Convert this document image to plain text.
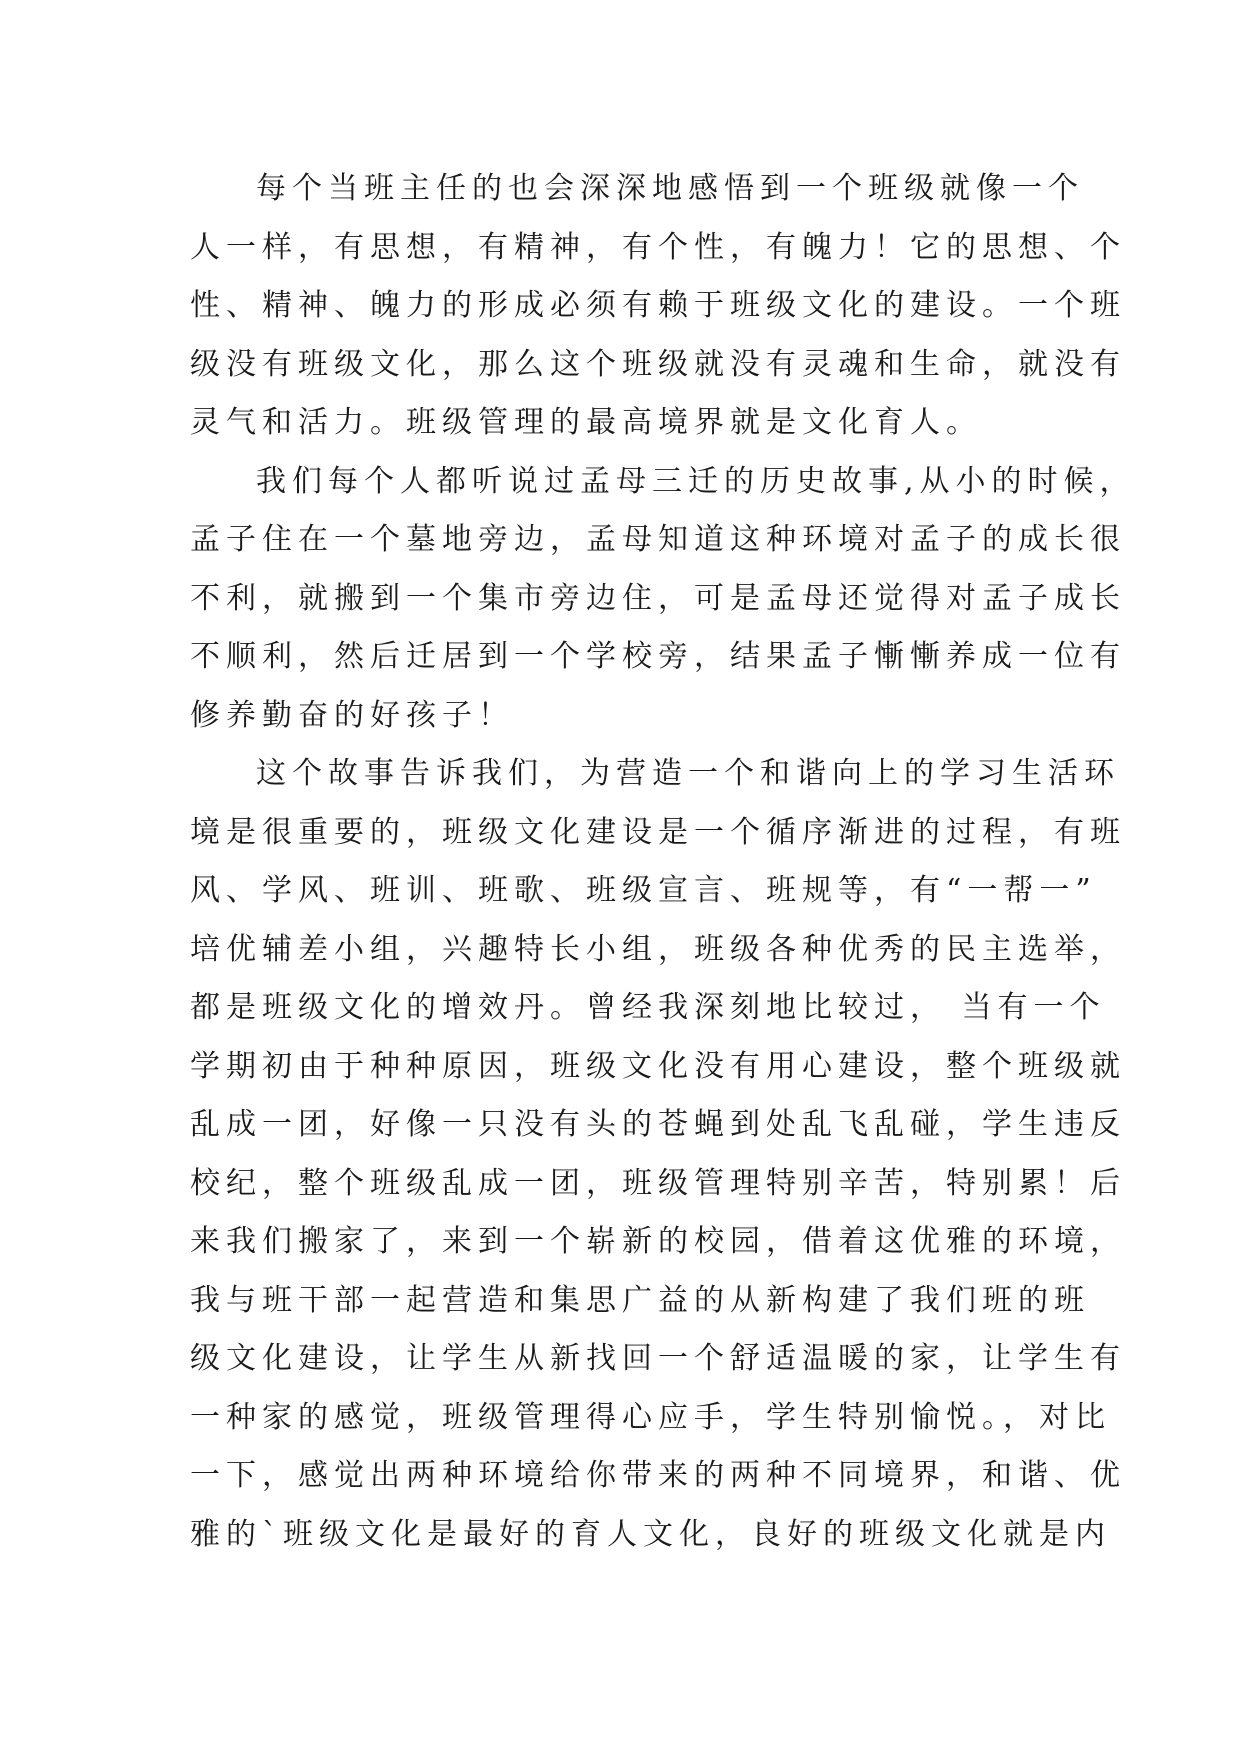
每个当班主任的也会深深地感悟到一个班级就像一个
人一样，有思想，有精神，有个性，有魄力！它的思想、个
性、精神、魄力的形成必须有赖于班级文化的建设。一个班
级没有班级文化，那么这个班级就没有灵魂和生命，就没有
灵气和活力。班级管理的最高境界就是文化育人。
我们每个人都听说过孟母三迁的历史故事,从小的时候，
孟子住在一个墓地旁边，孟母知道这种环境对孟子的成长很
不利，就搬到一个集市旁边住，可是孟母还觉得对孟子成长
不顺利，然后迁居到一个学校旁，结果孟子慚慚养成一位有
修养勤奋的好孩子！
这个故事告诉我们，为营造一个和谐向上的学习生活环
境是很重要的，班级文化建设是一个循序渐进的过程，有班
风、学风、班训、班歌、班级宣言、班规等，有“一帮一”
培优辅差小组，兴趣特长小组，班级各种优秀的民主选举，
都是班级文化的增效丹。曾经我深刻地比较过， 当有一个
学期初由于种种原因，班级文化没有用心建设，整个班级就
乱成一团，好像一只没有头的苍蝇到处乱飞乱碰，学生违反
校纪，整个班级乱成一团，班级管理特别辛苦，特别累！后
来我们搬家了，来到一个崭新的校园，借着这优雅的环境，
我与班干部一起营造和集思广益的从新构建了我们班的班
级文化建设，让学生从新找回一个舒适温暖的家，让学生有
一种家的感觉，班级管理得心应手，学生特别愉悦。，对比
一下，感觉出两种环境给你带来的两种不同境界，和谐、优
雅的`班级文化是最好的育人文化，良好的班级文化就是内
